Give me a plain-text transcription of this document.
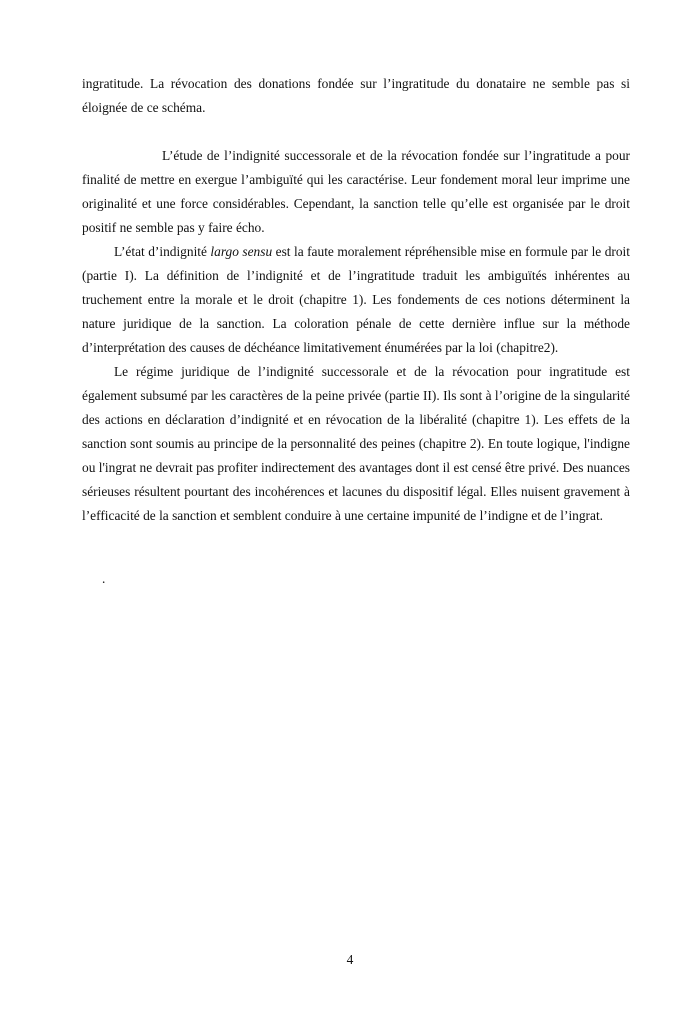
ingratitude. La révocation des donations fondée sur l’ingratitude du donataire ne semble pas si éloignée de ce schéma.

L’étude de l’indignité successorale et de la révocation fondée sur l’ingratitude a pour finalité de mettre en exergue l’ambiguïté qui les caractérise. Leur fondement moral leur imprime une originalité et une force considérables. Cependant, la sanction telle qu’elle est organisée par le droit positif ne semble pas y faire écho.

L’état d’indignité largo sensu est la faute moralement répréhensible mise en formule par le droit (partie I). La définition de l’indignité et de l’ingratitude traduit les ambiguïtés inhérentes au truchement entre la morale et le droit (chapitre 1). Les fondements de ces notions déterminent la nature juridique de la sanction. La coloration pénale de cette dernière influe sur la méthode d’interprétation des causes de déchéance limitativement énumérées par la loi (chapitre2).

Le régime juridique de l’indignité successorale et de la révocation pour ingratitude est également subsumé par les caractères de la peine privée (partie II). Ils sont à l’origine de la singularité des actions en déclaration d’indignité et en révocation de la libéralité (chapitre 1). Les effets de la sanction sont soumis au principe de la personnalité des peines (chapitre 2). En toute logique, l'indigne ou l'ingrat ne devrait pas profiter indirectement des avantages dont il est censé être privé. Des nuances sérieuses résultent pourtant des incohérences et lacunes du dispositif légal. Elles nuisent gravement à l’efficacité de la sanction et semblent conduire à une certaine impunité de l’indigne et de l’ingrat.

.
4
